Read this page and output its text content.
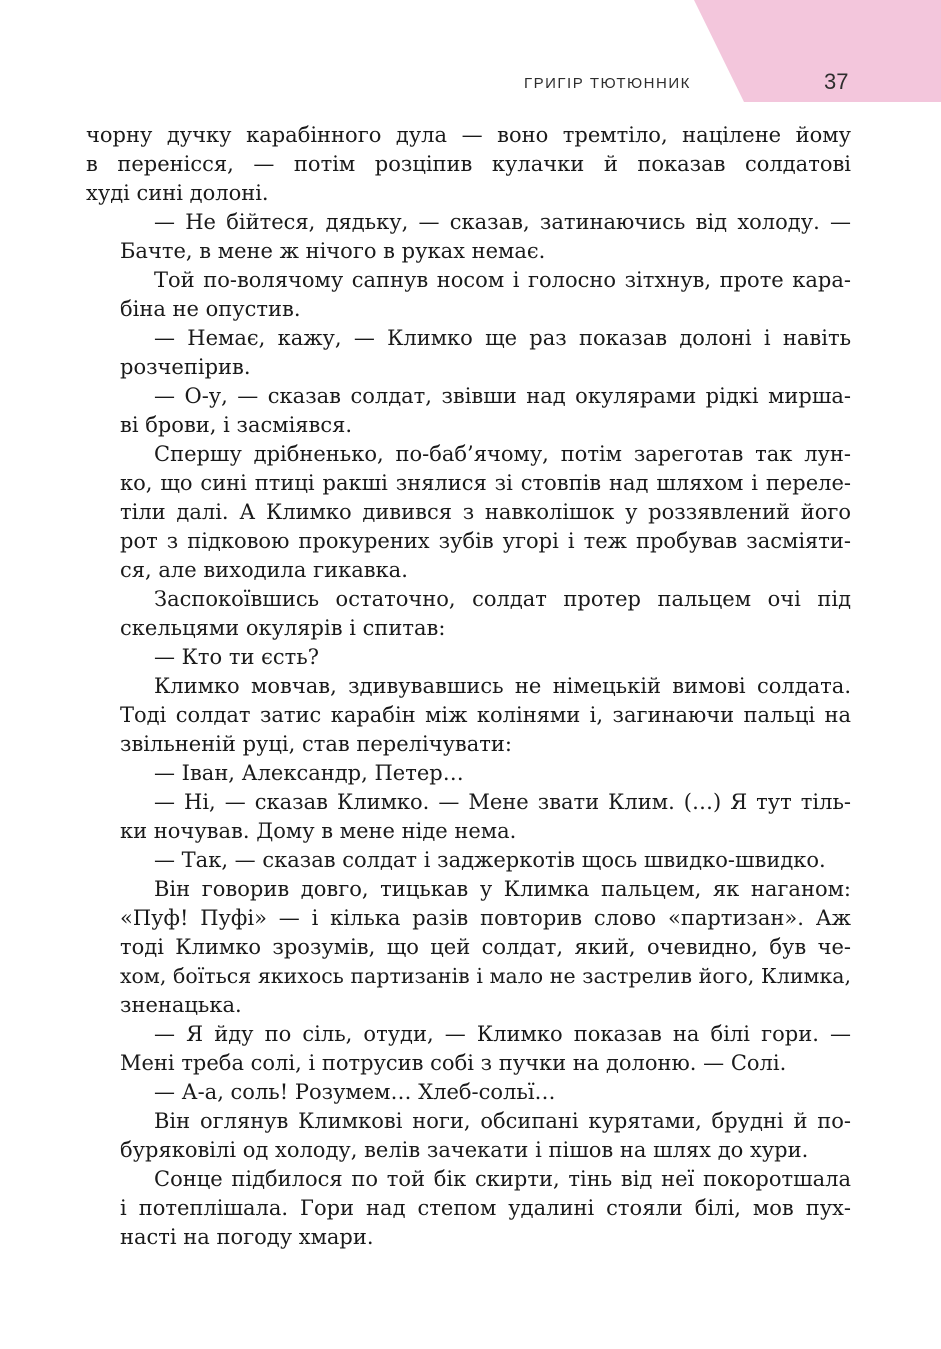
ГРИГІР ТЮТЮННИК	37
чорну дучку карабінного дула — воно тремтіло, націлене йому
в перенісся, — потім розціпив кулачки й показав солдатові
худі сині долоні.
— Не бійтеся, дядьку, — сказав, затинаючись від холоду. —
Бачте, в мене ж нічого в руках немає.
Той по-волячому сапнув носом і голосно зітхнув, проте кара-
біна не опустив.
— Немає, кажу, — Климко ще раз показав долоні і навіть
розчепірив.
— О-у, — сказав солдат, звівши над окулярами рідкі мирша-
ві брови, і засміявся.
Спершу дрібненько, по-баб’ячому, потім зареготав так лун-
ко, що сині птиці ракші знялися зі стовпів над шляхом і переле-
тіли далі. А Климко дивився з навколішок у роззявлений його
рот з підковою прокурених зубів угорі і теж пробував засміяти-
ся, але виходила гикавка.
Заспокоївшись остаточно, солдат протер пальцем очі під
скельцями окулярів і спитав:
— Кто ти єсть?
Климко мовчав, здивувавшись не німецькій вимові солдата.
Тоді солдат затис карабін між колінями і, загинаючи пальці на
звільненій руці, став перелічувати:
— Іван, Александр, Петер…
— Ні, — сказав Климко. — Мене звати Клим. (…) Я тут тіль-
ки ночував. Дому в мене ніде нема.
— Так, — сказав солдат і заджеркотів щось швидко-швидко.
Він говорив довго, тицькав у Климка пальцем, як наганом:
«Пуф! Пуфі» — і кілька разів повторив слово «партизан». Аж
тоді Климко зрозумів, що цей солдат, який, очевидно, був че-
хом, боїться якихось партизанів і мало не застрелив його, Климка,
зненацька.
— Я йду по сіль, отуди, — Климко показав на білі гори. —
Мені треба солі, і потрусив собі з пучки на долоню. — Солі.
— А-а, соль! Розумем… Хлеб-сольї…
Він оглянув Климкові ноги, обсипані курятами, брудні й по-
буряковілі од холоду, велів зачекати і пішов на шлях до хури.
Сонце підбилося по той бік скирти, тінь від неї покоротшала
і потеплішала. Гори над степом удалині стояли білі, мов пух-
насті на погоду хмари.
